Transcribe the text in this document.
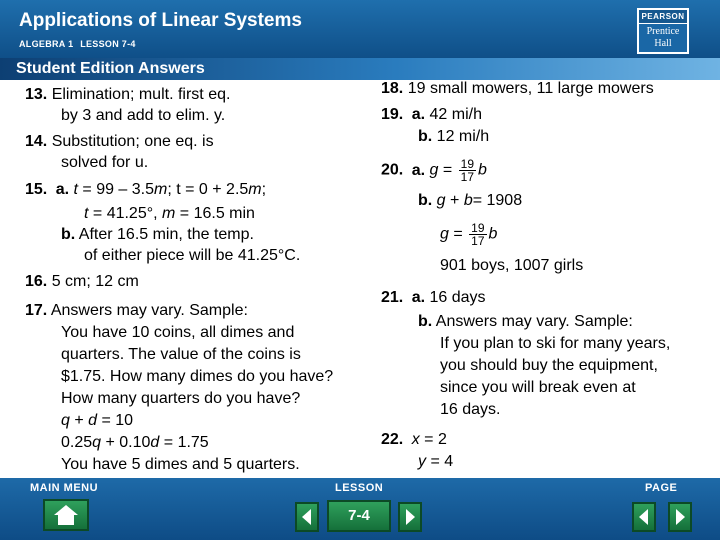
Applications of Linear Systems
ALGEBRA 1 LESSON 7-4
PEARSON
Prentice
Hall
Student Edition Answers
13. Elimination; mult. first eq.
by 3 and add to elim. y.
14. Substitution; one eq. is
solved for u.
15. a. t = 99 – 3.5m; t = 0 + 2.5m;
t = 41.25°, m = 16.5 min
b. After 16.5 min, the temp.
of either piece will be 41.25°C.
16. 5 cm; 12 cm
17. Answers may vary. Sample:
You have 10 coins, all dimes and
quarters. The value of the coins is
$1.75. How many dimes do you have?
How many quarters do you have?
q + d = 10
0.25q + 0.10d = 1.75
You have 5 dimes and 5 quarters.
18. 19 small mowers, 11 large mowers
19. a. 42 mi/h
b. 12 mi/h
20. a. $g = \frac{19}{17}$ b
b. g + b= 1908
$g = \frac{19}{17}$ b
901 boys, 1007 girls
21. a. 16 days
b. Answers may vary. Sample:
If you plan to ski for many years,
you should buy the equipment,
since you will break even at
16 days.
22. x = 2
y = 4
MAIN MENU	LESSON	PAGE
7-4
